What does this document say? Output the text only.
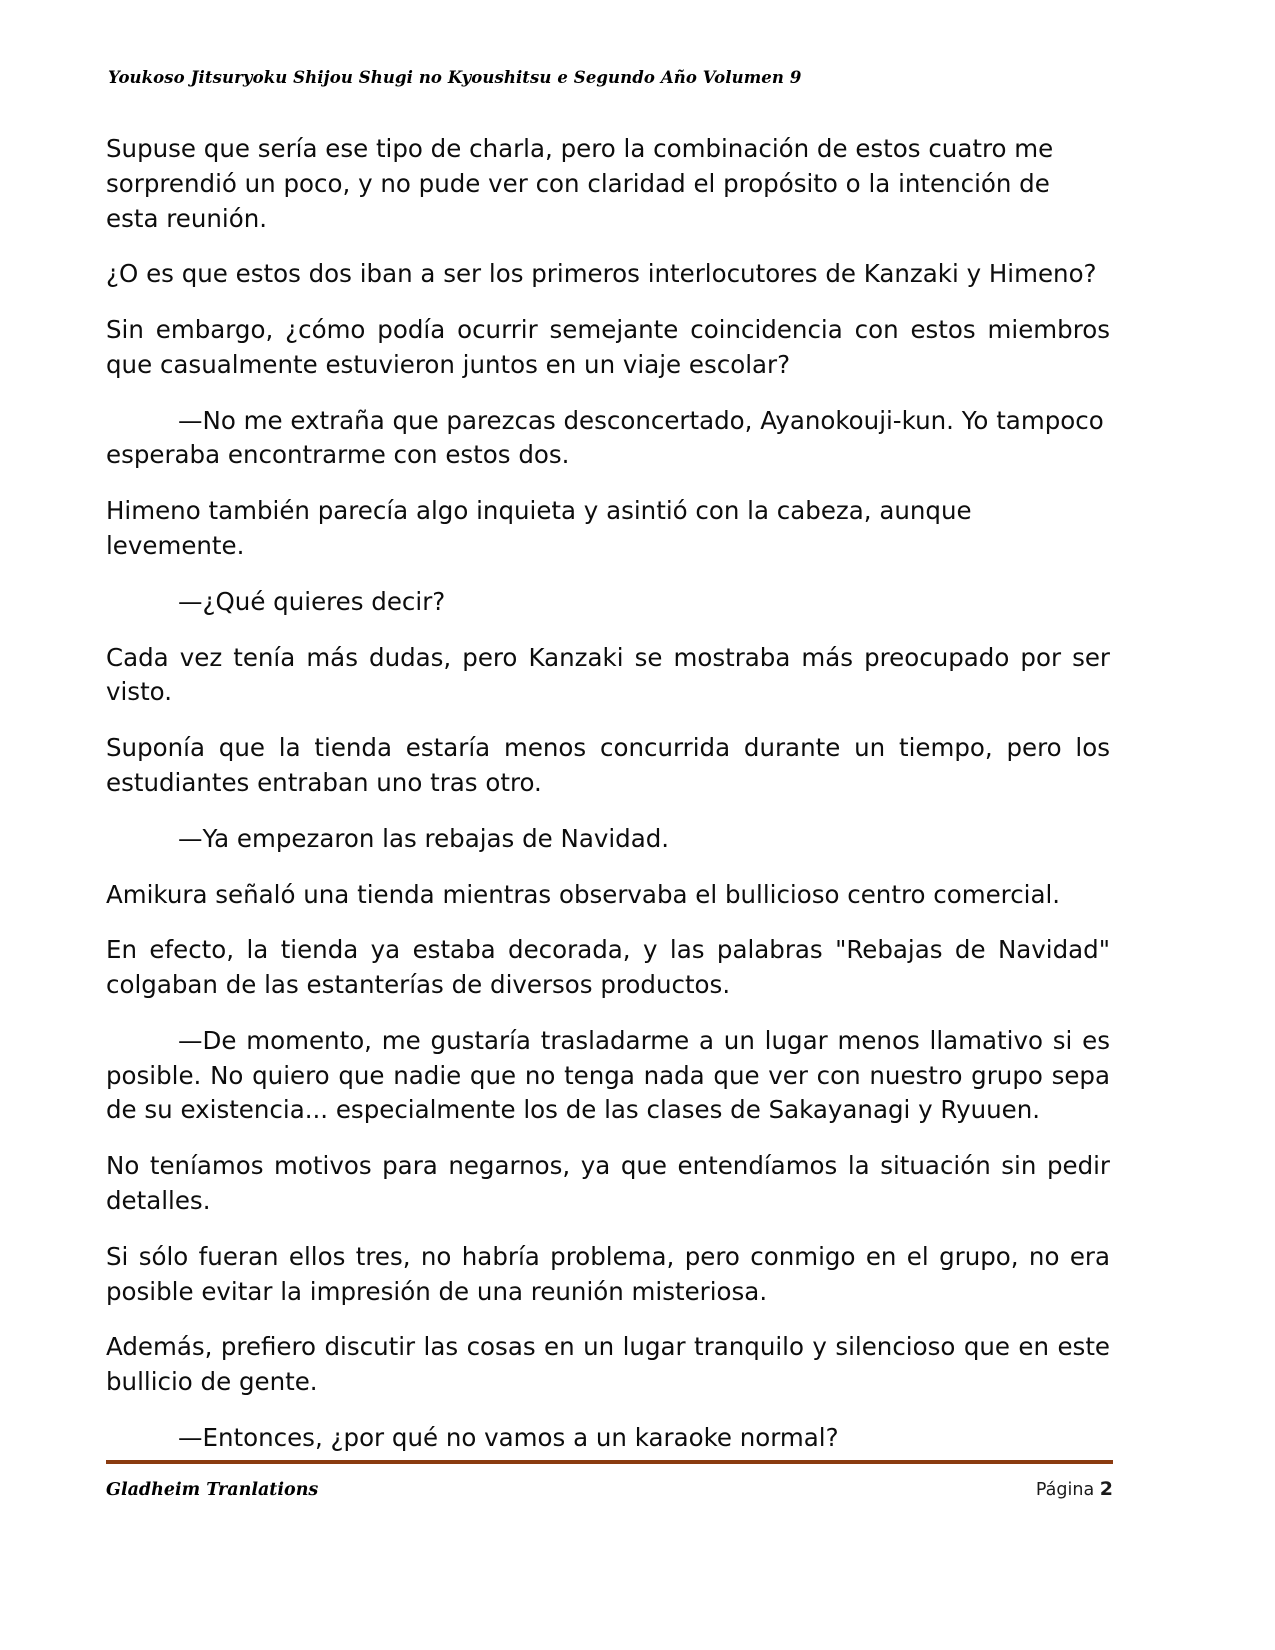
Youkoso Jitsuryoku Shijou Shugi no Kyoushitsu e Segundo Año Volumen 9

Supuse que sería ese tipo de charla, pero la combinación de estos cuatro me sorprendió un poco, y no pude ver con claridad el propósito o la intención de esta reunión.

¿O es que estos dos iban a ser los primeros interlocutores de Kanzaki y Himeno?

Sin embargo, ¿cómo podía ocurrir semejante coincidencia con estos miembros que casualmente estuvieron juntos en un viaje escolar?

—No me extraña que parezcas desconcertado, Ayanokouji-kun. Yo tampoco esperaba encontrarme con estos dos.

Himeno también parecía algo inquieta y asintió con la cabeza, aunque levemente.

—¿Qué quieres decir?

Cada vez tenía más dudas, pero Kanzaki se mostraba más preocupado por ser visto.

Suponía que la tienda estaría menos concurrida durante un tiempo, pero los estudiantes entraban uno tras otro.

—Ya empezaron las rebajas de Navidad.

Amikura señaló una tienda mientras observaba el bullicioso centro comercial.

En efecto, la tienda ya estaba decorada, y las palabras "Rebajas de Navidad" colgaban de las estanterías de diversos productos.

—De momento, me gustaría trasladarme a un lugar menos llamativo si es posible. No quiero que nadie que no tenga nada que ver con nuestro grupo sepa de su existencia... especialmente los de las clases de Sakayanagi y Ryuuen.

No teníamos motivos para negarnos, ya que entendíamos la situación sin pedir detalles.

Si sólo fueran ellos tres, no habría problema, pero conmigo en el grupo, no era posible evitar la impresión de una reunión misteriosa.

Además, prefiero discutir las cosas en un lugar tranquilo y silencioso que en este bullicio de gente.

—Entonces, ¿por qué no vamos a un karaoke normal?

Gladheim Tranlations	Página 2
